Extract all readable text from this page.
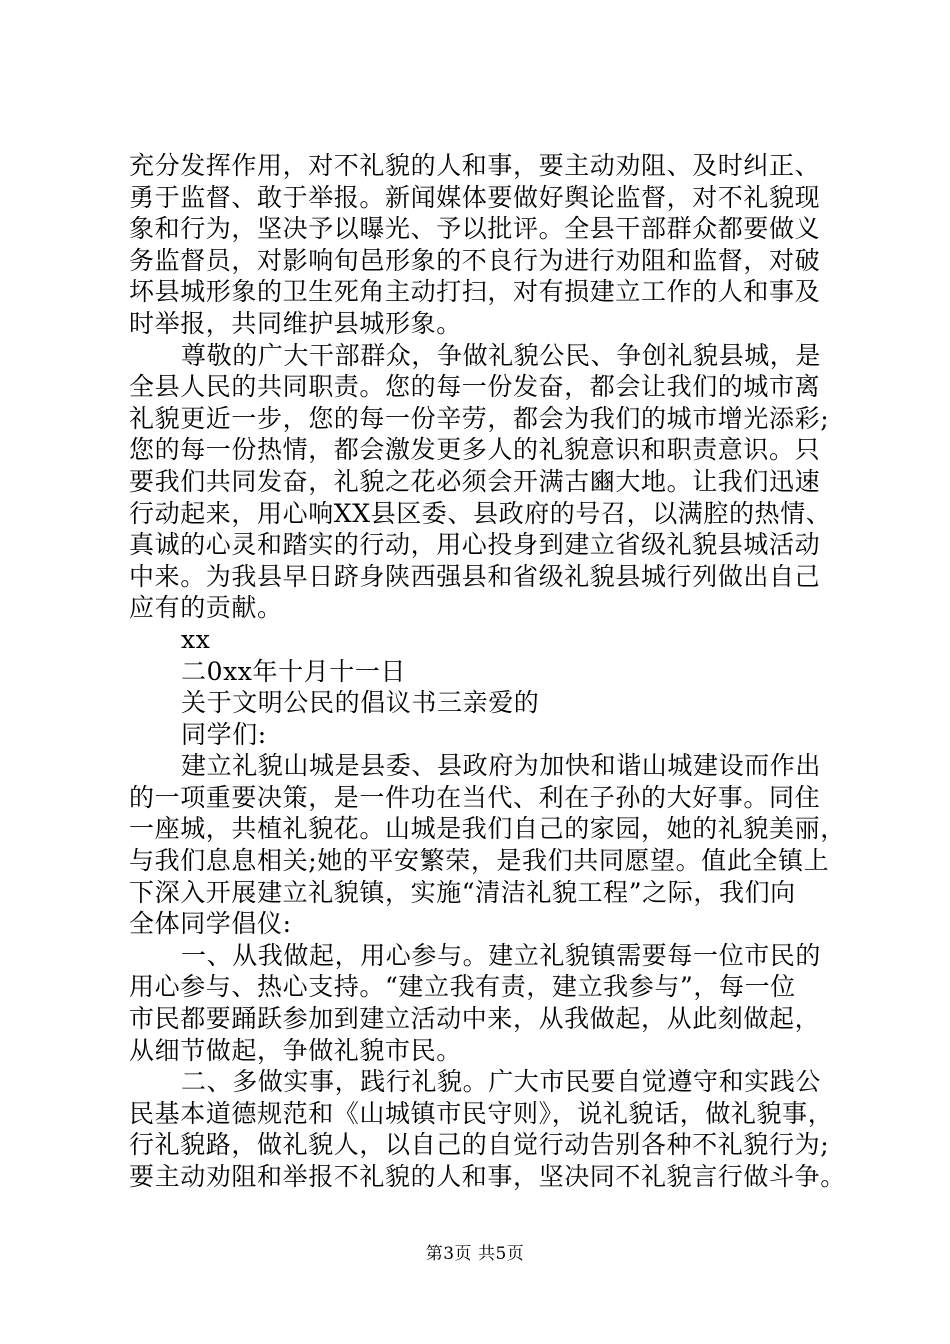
充分发挥作用，对不礼貌的人和事，要主动劝阻、及时纠正、
勇于监督、敢于举报。新闻媒体要做好舆论监督，对不礼貌现
象和行为，坚决予以曝光、予以批评。全县干部群众都要做义
务监督员，对影响旬邑形象的不良行为进行劝阻和监督，对破
坏县城形象的卫生死角主动打扫，对有损建立工作的人和事及
时举报，共同维护县城形象。
尊敬的广大干部群众，争做礼貌公民、争创礼貌县城，是
全县人民的共同职责。您的每一份发奋，都会让我们的城市离
礼貌更近一步，您的每一份辛劳，都会为我们的城市增光添彩;
您的每一份热情，都会激发更多人的礼貌意识和职责意识。只
要我们共同发奋，礼貌之花必须会开满古豳大地。让我们迅速
行动起来，用心响XX县区委、县政府的号召，以满腔的热情、
真诚的心灵和踏实的行动，用心投身到建立省级礼貌县城活动
中来。为我县早日跻身陕西强县和省级礼貌县城行列做出自己
应有的贡献。
xx
二0xx年十月十一日
关于文明公民的倡议书三亲爱的
同学们:
建立礼貌山城是县委、县政府为加快和谐山城建设而作出
的一项重要决策，是一件功在当代、利在子孙的大好事。同住
一座城，共植礼貌花。山城是我们自己的家园，她的礼貌美丽，
与我们息息相关;她的平安繁荣，是我们共同愿望。值此全镇上
下深入开展建立礼貌镇，实施“清洁礼貌工程”之际，我们向
全体同学倡仪:
一、从我做起，用心参与。建立礼貌镇需要每一位市民的
用心参与、热心支持。“建立我有责，建立我参与”，每一位
市民都要踊跃参加到建立活动中来，从我做起，从此刻做起，
从细节做起，争做礼貌市民。
二、多做实事，践行礼貌。广大市民要自觉遵守和实践公
民基本道德规范和《山城镇市民守则》，说礼貌话，做礼貌事，
行礼貌路，做礼貌人，以自己的自觉行动告别各种不礼貌行为;
要主动劝阻和举报不礼貌的人和事，坚决同不礼貌言行做斗争。
第3页 共5页
